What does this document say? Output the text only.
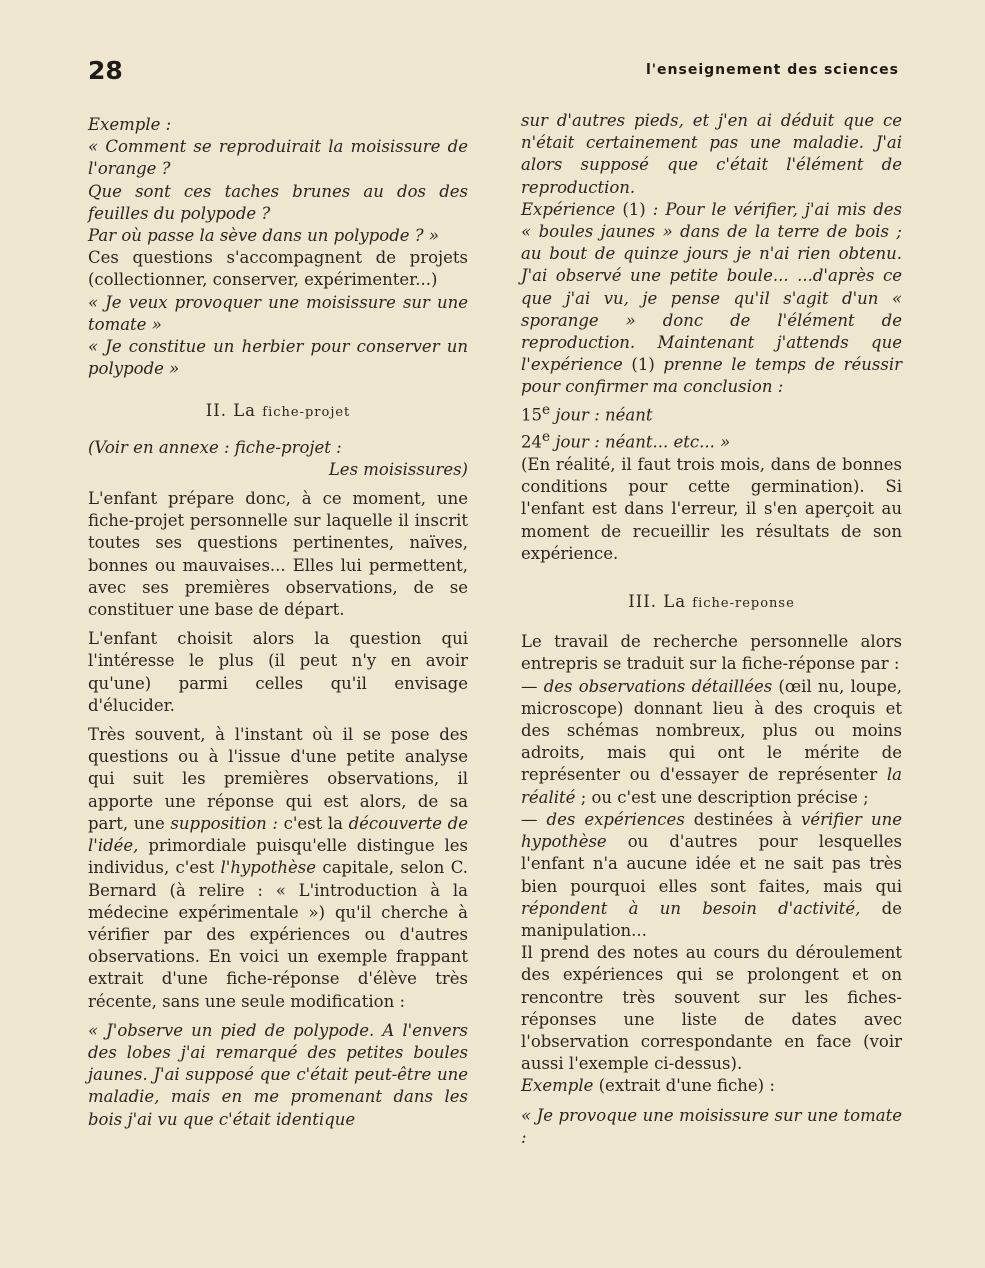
28	l'enseignement des sciences

Exemple :

« Comment se reproduirait la moisissure de l'orange ?

Que sont ces taches brunes au dos des feuilles du polypode ?

Par où passe la sève dans un polypode ? »

Ces questions s'accompagnent de projets (collectionner, conserver, expérimenter...)

« Je veux provoquer une moisissure sur une tomate »

« Je constitue un herbier pour conserver un polypode »

II. La fiche-projet

(Voir en annexe : fiche-projet :

Les moisissures)

L'enfant prépare donc, à ce moment, une fiche-projet personnelle sur laquelle il inscrit toutes ses questions pertinentes, naïves, bonnes ou mauvaises... Elles lui permettent, avec ses premières observations, de se constituer une base de départ.

L'enfant choisit alors la question qui l'intéresse le plus (il peut n'y en avoir qu'une) parmi celles qu'il envisage d'élucider.

Très souvent, à l'instant où il se pose des questions ou à l'issue d'une petite analyse qui suit les premières observations, il apporte une réponse qui est alors, de sa part, une supposition : c'est la découverte de l'idée, primordiale puisqu'elle distingue les individus, c'est l'hypothèse capitale, selon C. Bernard (à relire : « L'introduction à la médecine expérimentale ») qu'il cherche à vérifier par des expériences ou d'autres observations. En voici un exemple frappant extrait d'une fiche-réponse d'élève très récente, sans une seule modification :

« J'observe un pied de polypode. A l'envers des lobes j'ai remarqué des petites boules jaunes. J'ai supposé que c'était peut-être une maladie, mais en me promenant dans les bois j'ai vu que c'était identique

sur d'autres pieds, et j'en ai déduit que ce n'était certainement pas une maladie. J'ai alors supposé que c'était l'élément de reproduction.

Expérience (1) : Pour le vérifier, j'ai mis des « boules jaunes » dans de la terre de bois ; au bout de quinze jours je n'ai rien obtenu. J'ai observé une petite boule... ...d'après ce que j'ai vu, je pense qu'il s'agit d'un « sporange » donc de l'élément de reproduction. Maintenant j'attends que l'expérience (1) prenne le temps de réussir pour confirmer ma conclusion :

15e jour : néant

24e jour : néant... etc... »

(En réalité, il faut trois mois, dans de bonnes conditions pour cette germination). Si l'enfant est dans l'erreur, il s'en aperçoit au moment de recueillir les résultats de son expérience.

III. La fiche-reponse

Le travail de recherche personnelle alors entrepris se traduit sur la fiche-réponse par :

— des observations détaillées (œil nu, loupe, microscope) donnant lieu à des croquis et des schémas nombreux, plus ou moins adroits, mais qui ont le mérite de représenter ou d'essayer de représenter la réalité ; ou c'est une description précise ;

— des expériences destinées à vérifier une hypothèse ou d'autres pour lesquelles l'enfant n'a aucune idée et ne sait pas très bien pourquoi elles sont faites, mais qui répondent à un besoin d'activité, de manipulation...

Il prend des notes au cours du déroulement des expériences qui se prolongent et on rencontre très souvent sur les fiches-réponses une liste de dates avec l'observation correspondante en face (voir aussi l'exemple ci-dessus).

Exemple (extrait d'une fiche) :

« Je provoque une moisissure sur une tomate :
